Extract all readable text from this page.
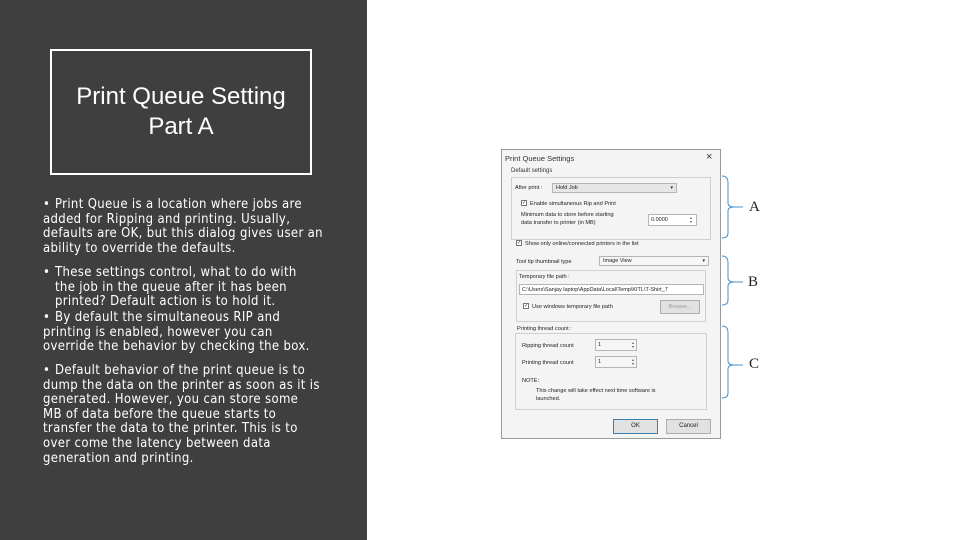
Print Queue Setting
Part A
• Print Queue is a location where jobs are
added for Ripping and printing. Usually,
defaults are OK, but this dialog gives user an
ability to override the defaults.
• These settings control, what to do with
the job in the queue after it has been
printed? Default action is to hold it.
• By default the simultaneous RIP and
printing is enabled, however you can
override the behavior by checking the box.
• Default behavior of the print queue is to
dump the data on the printer as soon as it is
generated. However, you can store some
MB of data before the queue starts to
transfer the data to the printer. This is to
over come the latency between data
generation and printing.
Print Queue Settings	×
Default settings
After print :	Hold Job	▾
✓ Enable simultaneous Rip and Print
Minimum data to store before starting
data transfer to printer (in MB)	0.0000	▴
▾
✓ Show only online/connected printers in the list
Tool tip thumbnail type	Image View	▾
Temporary file path :
C:\Users\Sanjay laptop\AppData\Local\Temp\KITL\T-Shirt_7
✓ Use windows temporary file path	Browse...
Printing thread count :
Ripping thread count	1	▴
▾
Printing thread count	1	▴
▾
NOTE:
This change will take effect next time software is
launched.
OK	Cancel
A
B
C
